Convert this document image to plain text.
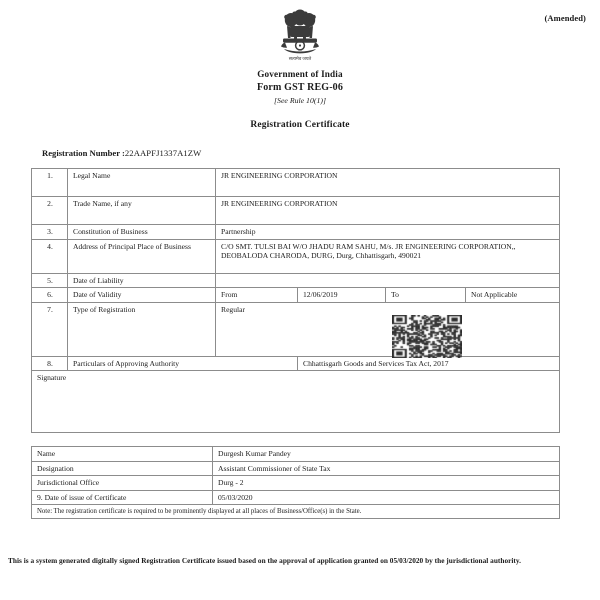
(Amended)
सत्यमेव जयते
Government of India
Form GST REG-06
[See Rule 10(1)]
Registration Certificate
Registration Number :22AAPFJ1337A1ZW
1.	Legal Name	JR ENGINEERING CORPORATION			
2.	Trade Name, if any	JR ENGINEERING CORPORATION			
3.	Constitution of Business	Partnership			
4.	Address of Principal Place of Business	C/O SMT. TULSI BAI W/O JHADU RAM SAHU, M/s. JR ENGINEERING CORPORATION,, DEOBALODA CHARODA, DURG, Durg, Chhattisgarh, 490021			
5.	Date of Liability				
6.	Date of Validity	From	12/06/2019	To	Not Applicable
7.	Type of Registration	Regular			
8.	Particulars of Approving Authority		Chhattisgarh Goods and Services Tax Act, 2017		
Signature					
Name	Durgesh Kumar Pandey
Designation	Assistant Commissioner of State Tax
Jurisdictional Office	Durg - 2
9. Date of issue of Certificate	05/03/2020
Note: The registration certificate is required to be prominently displayed at all places of Business/Office(s) in the State.	
This is a system generated digitally signed Registration Certificate issued based on the approval of application granted on 05/03/2020 by the jurisdictional authority.
